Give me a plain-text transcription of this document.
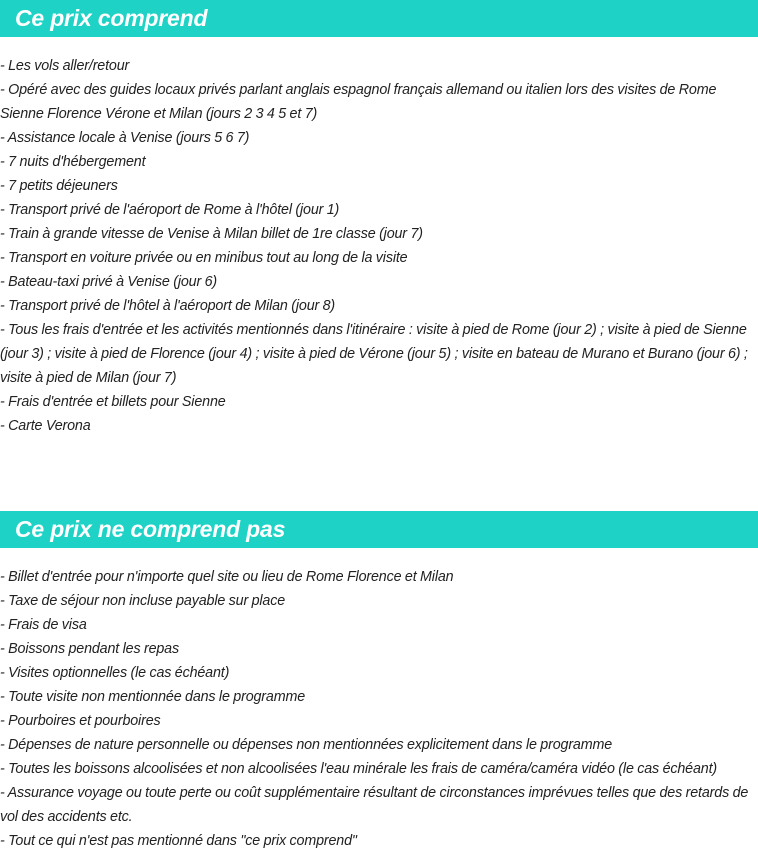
Ce prix comprend
- Les vols aller/retour
- Opéré avec des guides locaux privés parlant anglais espagnol français allemand ou italien lors des visites de Rome Sienne Florence Vérone et Milan (jours 2 3 4 5 et 7)
- Assistance locale à Venise (jours 5 6 7)
- 7 nuits d'hébergement
- 7 petits déjeuners
- Transport privé de l'aéroport de Rome à l'hôtel (jour 1)
- Train à grande vitesse de Venise à Milan billet de 1re classe (jour 7)
- Transport en voiture privée ou en minibus tout au long de la visite
- Bateau-taxi privé à Venise (jour 6)
- Transport privé de l'hôtel à l'aéroport de Milan (jour 8)
- Tous les frais d'entrée et les activités mentionnés dans l'itinéraire : visite à pied de Rome (jour 2) ; visite à pied de Sienne (jour 3) ; visite à pied de Florence (jour 4) ; visite à pied de Vérone (jour 5) ; visite en bateau de Murano et Burano (jour 6) ; visite à pied de Milan (jour 7)
- Frais d'entrée et billets pour Sienne
- Carte Verona
Ce prix ne comprend pas
- Billet d'entrée pour n'importe quel site ou lieu de Rome Florence et Milan
- Taxe de séjour non incluse payable sur place
- Frais de visa
- Boissons pendant les repas
- Visites optionnelles (le cas échéant)
- Toute visite non mentionnée dans le programme
- Pourboires et pourboires
- Dépenses de nature personnelle ou dépenses non mentionnées explicitement dans le programme
- Toutes les boissons alcoolisées et non alcoolisées l'eau minérale les frais de caméra/caméra vidéo (le cas échéant)
- Assurance voyage ou toute perte ou coût supplémentaire résultant de circonstances imprévues telles que des retards de vol des accidents etc.
- Tout ce qui n'est pas mentionné dans "ce prix comprend"
